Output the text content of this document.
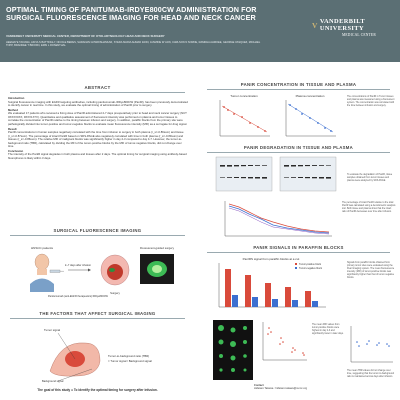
OPTIMAL TIMING OF PANITUMAB-IRDYE800CW ADMINISTRATION FOR SURGICAL FLUORESCENCE IMAGING FOR HEAD AND NECK CANCER
VANDERBILT UNIVERSITY MEDICAL CENTER, DEPARTMENT OF OTOLARYNGOLOGY-HEAD AND NECK SURGERY
HEEMAYE TAKAWA, AKIVA S BATTINGLY, NICOLE BERES, SHRANAN GOWRISHANKAR, SYEDA MARIA AHMAD ZAIDI, JASMINE W JAIN, CARLSON N SORNE, RAMDHA AHMOEE, GEORGE VASQUEZ, MICHAEL TOPP, BRANDEE T BROWN, ERIN L ROSENTHAL
V VANDERBILT UNIVERSITY
MEDICAL CENTER
ABSTRACT
Introduction

Surgical fluorescence imaging with EGFR targeting antibodies, including panitumumab-IRDye800CW (PanIR), has been previously demonstrated to identify cancer in real time. In this study, we evaluate the optimal timing of administration of PanIR prior to surgery.

Method

We evaluated 17 patients who received a fixing dose of PanIR administered 2-7 days preoperatively prior to head and neck cancer surgery (NCT 0XXXX0XX, 9XXX1X7X). Quantitative and qualitative assessment of fluorescent intensity was performed on plasma and tumor tissues to correlate the concentration of PanIR relative to the timing between infusion and surgery. In addition, paraffin blocks from the primary site were pathologically divided into tumor-positive and tumor-negative blocks to evaluate mean fluorescence intensity (MFI) as a surrogate for drug signal.

Result

PanIR concentrations in human samples negatively correlated with the time from infusion to surgery in both plasma (r_s=-0.86sum) and tissue (r_s=-0.87sum). The percentage of intact PanIR based on SDS-PAGE also negatively correlated with time in both plasma (r_s=-0.89sum) and tissues (r_s=-0.86sum). The relative MFI of malignant blocks was significantly higher in day 2-3 compared to day 4-7. However, the tumor-to-background ratio (TBR), calculated by dividing the MFI of the tumor-positive blocks by the MFI of tumor-negative blocks, did not change over time.

Conclusion

The intensity of the PanIR signal degrades in both plasma and tissues after 2 days. The optimal timing for surgical imaging using antibody-based fluorophores is likely within 3 days.

SURGICAL FLUORESCENCE IMAGING
HNSCC patients
Panitumumab (anti-EGFR therapeutics) IRDye800CW
2~7 days after infusion
Surgery
Fluorescent-guided surgery
THE FACTORS THAT AFFECT SURGICAL IMAGING
Tumor signal
Background signal
Tumor-to-background ratio (TBR)
= Tumor signal / Background signal
The goal of this study = To identify the optimal timing for surgery after infusion.
PANIR CONCENTRATION IN TISSUE AND PLASMA
Tumor concentration	Plasma concentration	The concentrations of PanIR in Tumor tissues and plasma was measured using a fluorescent system. The concentration was correlated with the time between infusion and surgery.
PANIR DEGRADATION IN TISSUE AND PLASMA
To evaluate the degradation of PanIR, tissue samples obtained from tumor tissues and plasma were analyzed by SDS-PAGE.
The percentage of intact PanIR relative to the total PanIR was calculated using a densitometric analysis tool. Both tissue and plasma show that the intact ratio of PanIR decreases over time after infusion.
PANIR SIGNALS IN PARAFFIN BLOCKS
PanIRS signal from paraffin blocks at a cut
Tumor-positive block
Tumor-negative block
Signals from paraffin blocks obtained from primary tumor sites were evaluated using the Pearl imaging system. The mean fluorescence intensity (MFI) of tumor-positive blocks was significantly higher than that of tumor-negative blocks.
The mean MFI values from tumor-positive blocks were highest in day 2-3 and significantly lower in later days.
The mean TBR values did not change over time, suggesting that the tumor-to-background ratio is maintained across days after infusion.
Contact
Hidetaro Takawa : hidetaro.takawa@vumc.org
